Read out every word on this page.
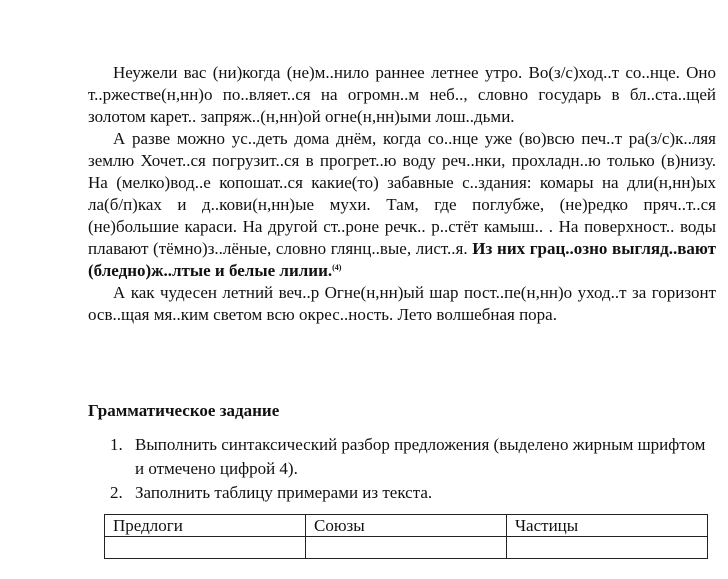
Неужели вас (ни)когда (не)м..нило раннее летнее утро. Во(з/с)ход..т со..нце. Оно т..ржестве(н,нн)о по..вляет..ся на огромн..м неб.., словно государь в бл..ста..щей золотом карет.. запряж..(н,нн)ой огне(н,нн)ыми лош..дьми.

А разве можно ус..деть дома днём, когда со..нце уже (во)всю печ..т ра(з/с)к..ляя землю Хочет..ся погрузит..ся в прогрет..ю воду реч..нки, прохладн..ю только (в)низу. На (мелко)вод..е копошат..ся какие(то) забавные с..здания: комары на дли(н,нн)ых ла(б/п)ках и д..кови(н,нн)ые мухи. Там, где поглубже, (не)редко пряч..т..ся (не)большие караси. На другой ст..роне речк.. р..стёт камыш.. . На поверхност.. воды плавают (тёмно)з..лёные, словно глянц..вые, лист..я. Из них грац..озно выгляд..вают (бледно)ж..лтые и белые лилии.$^{(4)}$

А как чудесен летний веч..р Огне(н,нн)ый шар пост..пе(н,нн)о уход..т за горизонт осв..щая мя..ким светом всю окрес..ность. Лето волшебная пора.

Грамматическое задание
1. Выполнить синтаксический разбор предложения (выделено жирным шрифтом и отмечено цифрой 4).
2. Заполнить таблицу примерами из текста.
Предлоги	Союзы	Частицы
